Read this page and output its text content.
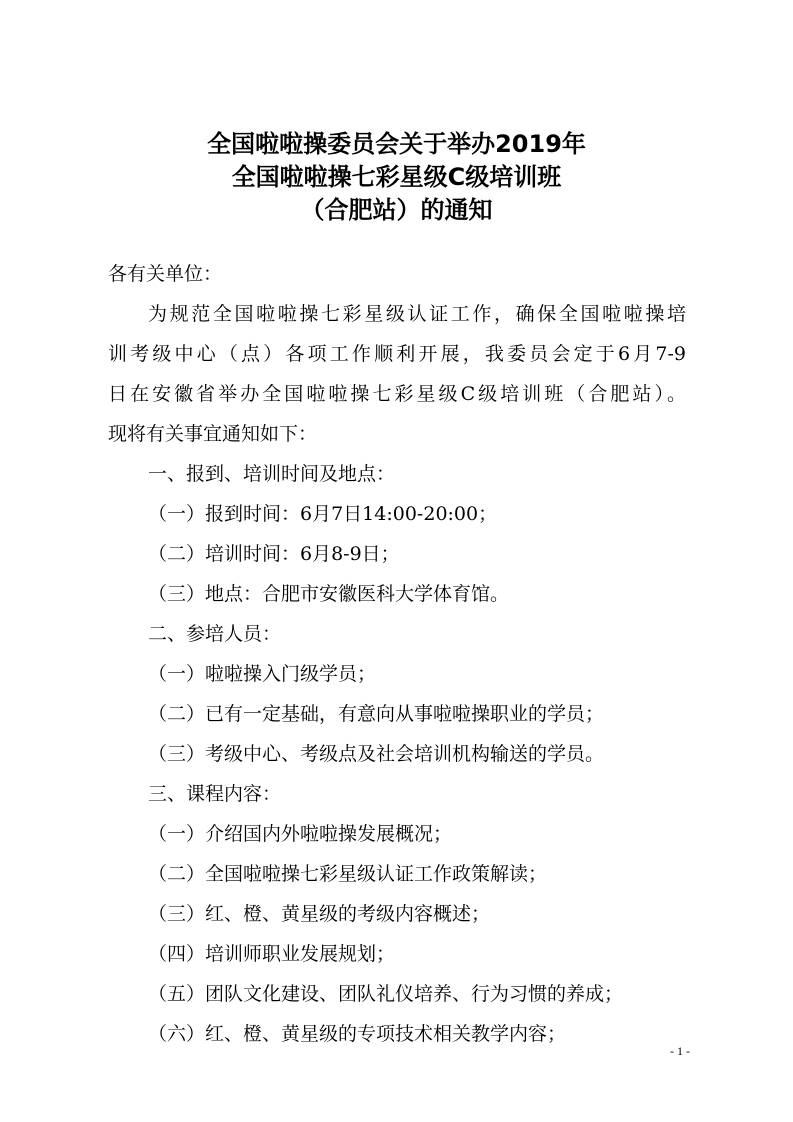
全国啦啦操委员会关于举办2019年
全国啦啦操七彩星级C级培训班
（合肥站）的通知
各有关单位：
为规范全国啦啦操七彩星级认证工作，确保全国啦啦操培
训考级中心（点）各项工作顺利开展，我委员会定于6月7-9
日在安徽省举办全国啦啦操七彩星级C级培训班（合肥站）。
现将有关事宜通知如下：
一、报到、培训时间及地点：
（一）报到时间：6月7日14:00-20:00；
（二）培训时间：6月8-9日；
（三）地点：合肥市安徽医科大学体育馆。
二、参培人员：
（一）啦啦操入门级学员；
（二）已有一定基础，有意向从事啦啦操职业的学员；
（三）考级中心、考级点及社会培训机构输送的学员。
三、课程内容：
（一）介绍国内外啦啦操发展概况；
（二）全国啦啦操七彩星级认证工作政策解读；
（三）红、橙、黄星级的考级内容概述；
（四）培训师职业发展规划；
（五）团队文化建设、团队礼仪培养、行为习惯的养成；
（六）红、橙、黄星级的专项技术相关教学内容；
- 1 -
